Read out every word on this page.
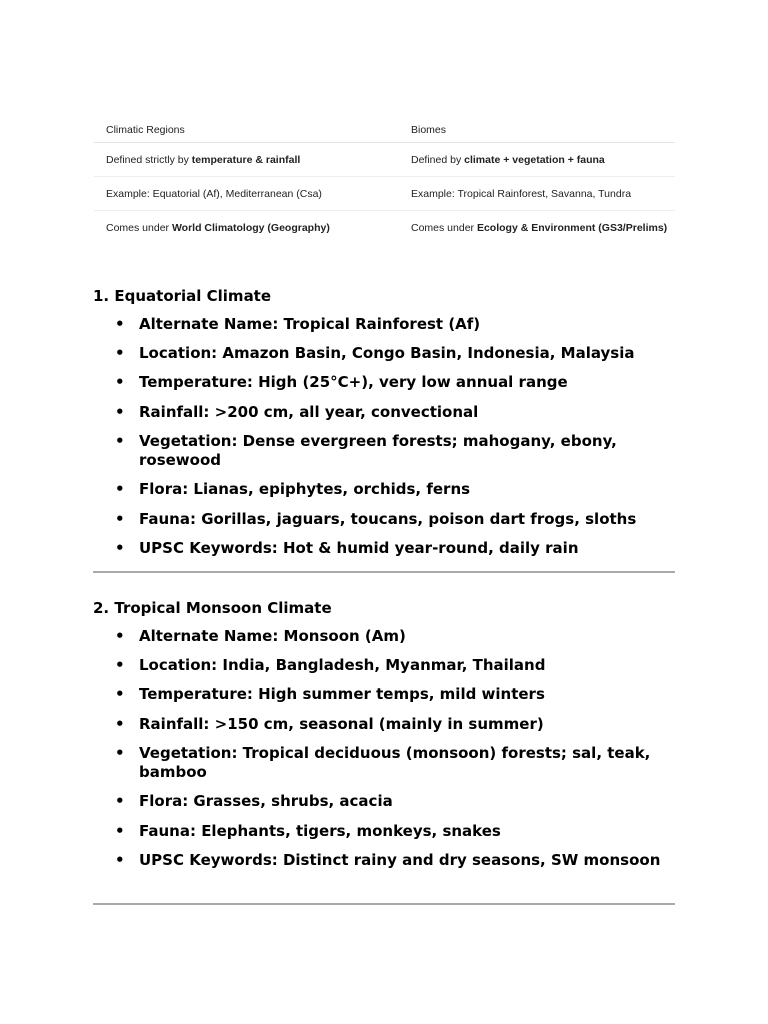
Climatic Regions	Biomes
Defined strictly by temperature & rainfall	Defined by climate + vegetation + fauna
Example: Equatorial (Af), Mediterranean (Csa)	Example: Tropical Rainforest, Savanna, Tundra
Comes under World Climatology (Geography)	Comes under Ecology & Environment (GS3/Prelims)

1. Equatorial Climate

• Alternate Name: Tropical Rainforest (Af)
• Location: Amazon Basin, Congo Basin, Indonesia, Malaysia
• Temperature: High (25°C+), very low annual range
• Rainfall: >200 cm, all year, convectional
• Vegetation: Dense evergreen forests; mahogany, ebony, rosewood
• Flora: Lianas, epiphytes, orchids, ferns
• Fauna: Gorillas, jaguars, toucans, poison dart frogs, sloths
• UPSC Keywords: Hot & humid year-round, daily rain

2. Tropical Monsoon Climate

• Alternate Name: Monsoon (Am)
• Location: India, Bangladesh, Myanmar, Thailand
• Temperature: High summer temps, mild winters
• Rainfall: >150 cm, seasonal (mainly in summer)
• Vegetation: Tropical deciduous (monsoon) forests; sal, teak, bamboo
• Flora: Grasses, shrubs, acacia
• Fauna: Elephants, tigers, monkeys, snakes
• UPSC Keywords: Distinct rainy and dry seasons, SW monsoon
